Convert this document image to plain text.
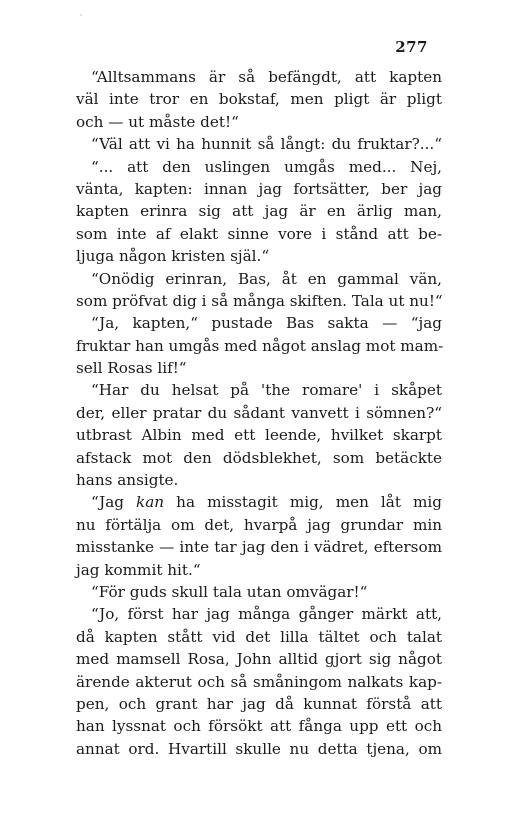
277
“Alltsammans är så befängdt, att kapten
väl inte tror en bokstaf, men pligt är pligt
och — ut måste det!“
“Väl att vi ha hunnit så långt: du fruktar?...“
“... att den uslingen umgås med... Nej,
vänta, kapten: innan jag fortsätter, ber jag
kapten erinra sig att jag är en ärlig man,
som inte af elakt sinne vore i stånd att be-
ljuga någon kristen själ.“
“Onödig erinran, Bas, åt en gammal vän,
som pröfvat dig i så många skiften. Tala ut nu!“
“Ja, kapten,“ pustade Bas sakta — “jag
fruktar han umgås med något anslag mot mam-
sell Rosas lif!“
“Har du helsat på 'the romare' i skåpet
der, eller pratar du sådant vanvett i sömnen?“
utbrast Albin med ett leende, hvilket skarpt
afstack mot den dödsblekhet, som betäckte
hans ansigte.
“Jag kan ha misstagit mig, men låt mig
nu förtälja om det, hvarpå jag grundar min
misstanke — inte tar jag den i vädret, eftersom
jag kommit hit.“
“För guds skull tala utan omvägar!“
“Jo, först har jag många gånger märkt att,
då kapten stått vid det lilla tältet och talat
med mamsell Rosa, John alltid gjort sig något
ärende akterut och så småningom nalkats kap-
pen, och grant har jag då kunnat förstå att
han lyssnat och försökt att fånga upp ett och
annat ord. Hvartill skulle nu detta tjena, om
